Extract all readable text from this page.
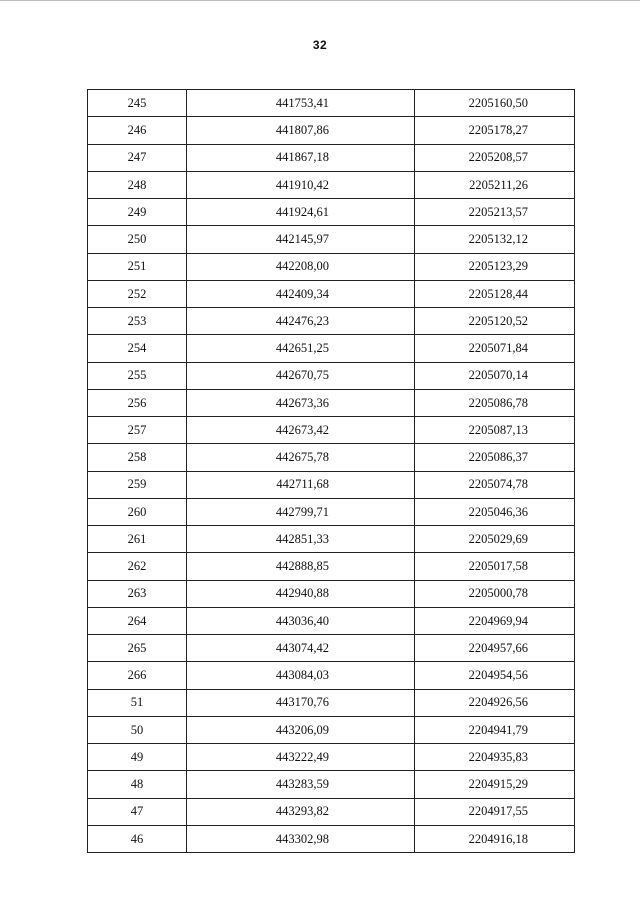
32
245	441753,41	2205160,50
246	441807,86	2205178,27
247	441867,18	2205208,57
248	441910,42	2205211,26
249	441924,61	2205213,57
250	442145,97	2205132,12
251	442208,00	2205123,29
252	442409,34	2205128,44
253	442476,23	2205120,52
254	442651,25	2205071,84
255	442670,75	2205070,14
256	442673,36	2205086,78
257	442673,42	2205087,13
258	442675,78	2205086,37
259	442711,68	2205074,78
260	442799,71	2205046,36
261	442851,33	2205029,69
262	442888,85	2205017,58
263	442940,88	2205000,78
264	443036,40	2204969,94
265	443074,42	2204957,66
266	443084,03	2204954,56
51	443170,76	2204926,56
50	443206,09	2204941,79
49	443222,49	2204935,83
48	443283,59	2204915,29
47	443293,82	2204917,55
46	443302,98	2204916,18
